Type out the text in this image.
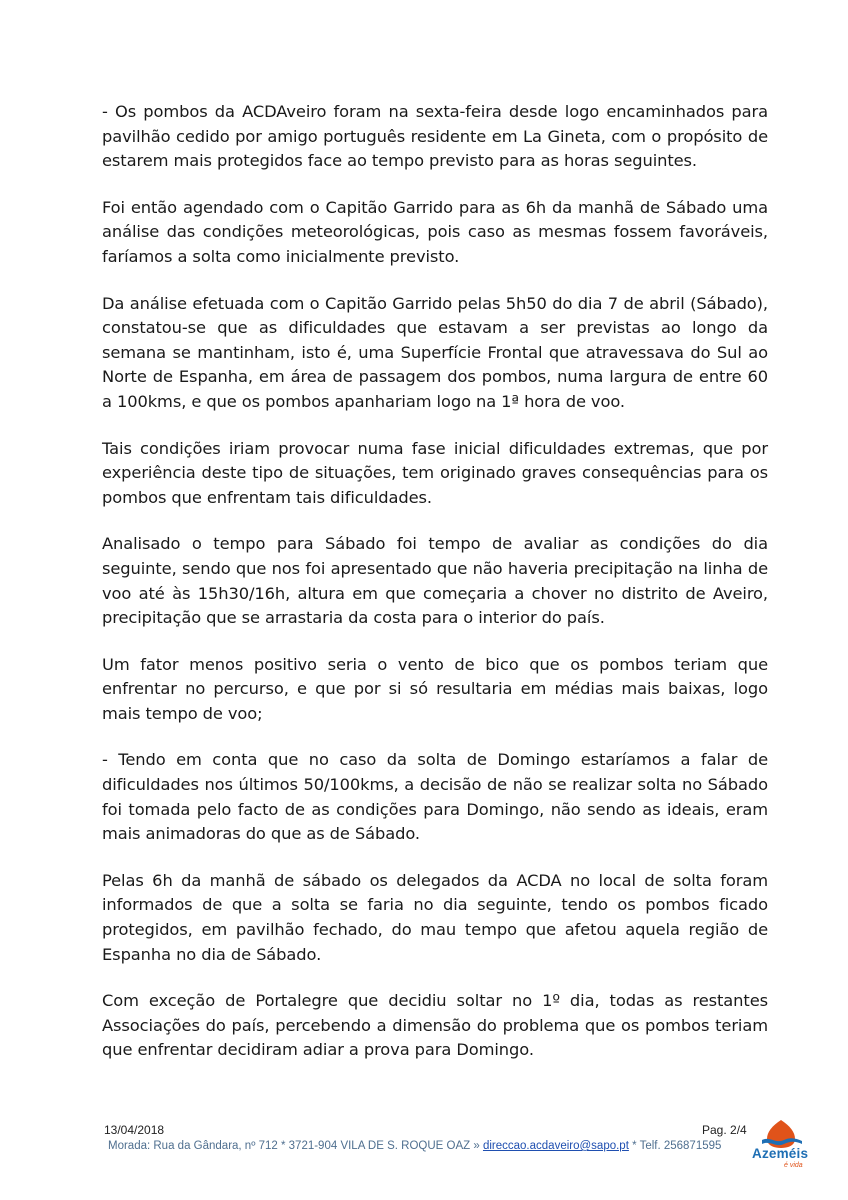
- Os pombos da ACDAveiro foram na sexta-feira desde logo encaminhados para pavilhão cedido por amigo português residente em La Gineta, com o propósito de estarem mais protegidos face ao tempo previsto para as horas seguintes.

Foi então agendado com o Capitão Garrido para as 6h da manhã de Sábado uma análise das condições meteorológicas, pois caso as mesmas fossem favoráveis, faríamos a solta como inicialmente previsto.

Da análise efetuada com o Capitão Garrido pelas 5h50 do dia 7 de abril (Sábado), constatou-se que as dificuldades que estavam a ser previstas ao longo da semana se mantinham, isto é, uma Superfície Frontal que atravessava do Sul ao Norte de Espanha, em área de passagem dos pombos, numa largura de entre 60 a 100kms, e que os pombos apanhariam logo na 1ª hora de voo.

Tais condições iriam provocar numa fase inicial dificuldades extremas, que por experiência deste tipo de situações, tem originado graves consequências para os pombos que enfrentam tais dificuldades.

Analisado o tempo para Sábado foi tempo de avaliar as condições do dia seguinte, sendo que nos foi apresentado que não haveria precipitação na linha de voo até às 15h30/16h, altura em que começaria a chover no distrito de Aveiro, precipitação que se arrastaria da costa para o interior do país.

Um fator menos positivo seria o vento de bico que os pombos teriam que enfrentar no percurso, e que por si só resultaria em médias mais baixas, logo mais tempo de voo;

- Tendo em conta que no caso da solta de Domingo estaríamos a falar de dificuldades nos últimos 50/100kms, a decisão de não se realizar solta no Sábado foi tomada pelo facto de as condições para Domingo, não sendo as ideais, eram mais animadoras do que as de Sábado.

Pelas 6h da manhã de sábado os delegados da ACDA no local de solta foram informados de que a solta se faria no dia seguinte, tendo os pombos ficado protegidos, em pavilhão fechado, do mau tempo que afetou aquela região de Espanha no dia de Sábado.

Com exceção de Portalegre que decidiu soltar no 1º dia, todas as restantes Associações do país, percebendo a dimensão do problema que os pombos teriam que enfrentar decidiram adiar a prova para Domingo.

13/04/2018	Pag. 2/4
Morada: Rua da Gândara, nº 712 * 3721-904 VILA DE S. ROQUE OAZ » direccao.acdaveiro@sapo.pt * Telf. 256871595 Azeméis
é vida
